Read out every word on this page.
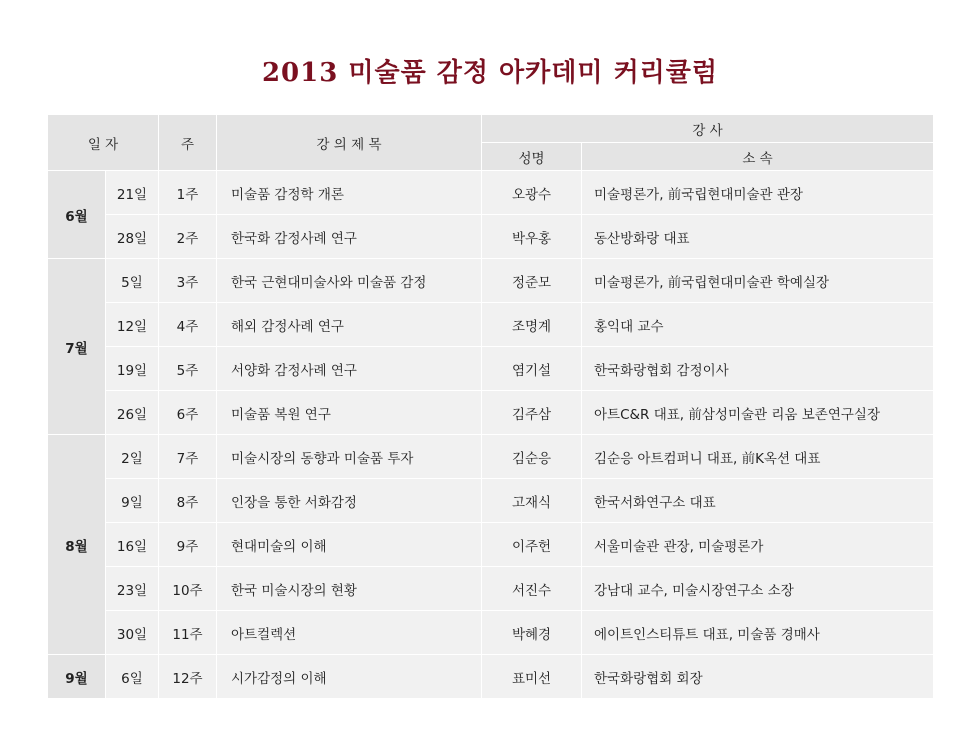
2013 미술품 감정 아카데미 커리큘럼
일 자		주	강 의 제 목	강 사	
				성명	소 속
6월	21일	1주	미술품 감정학 개론	오광수	미술평론가, 前국립현대미술관 관장
	28일	2주	한국화 감정사례 연구	박우홍	동산방화랑 대표
7월	5일	3주	한국 근현대미술사와 미술품 감정	정준모	미술평론가, 前국립현대미술관 학예실장
	12일	4주	해외 감정사례 연구	조명계	홍익대 교수
	19일	5주	서양화 감정사례 연구	염기설	한국화랑협회 감정이사
	26일	6주	미술품 복원 연구	김주삼	아트C&R 대표, 前삼성미술관 리움 보존연구실장
8월	2일	7주	미술시장의 동향과 미술품 투자	김순응	김순응 아트컴퍼니 대표, 前K옥션 대표
	9일	8주	인장을 통한 서화감정	고재식	한국서화연구소 대표
	16일	9주	현대미술의 이해	이주헌	서울미술관 관장, 미술평론가
	23일	10주	한국 미술시장의 현황	서진수	강남대 교수, 미술시장연구소 소장
	30일	11주	아트컬렉션	박혜경	에이트인스티튜트 대표, 미술품 경매사
9월	6일	12주	시가감정의 이해	표미선	한국화랑협회 회장
